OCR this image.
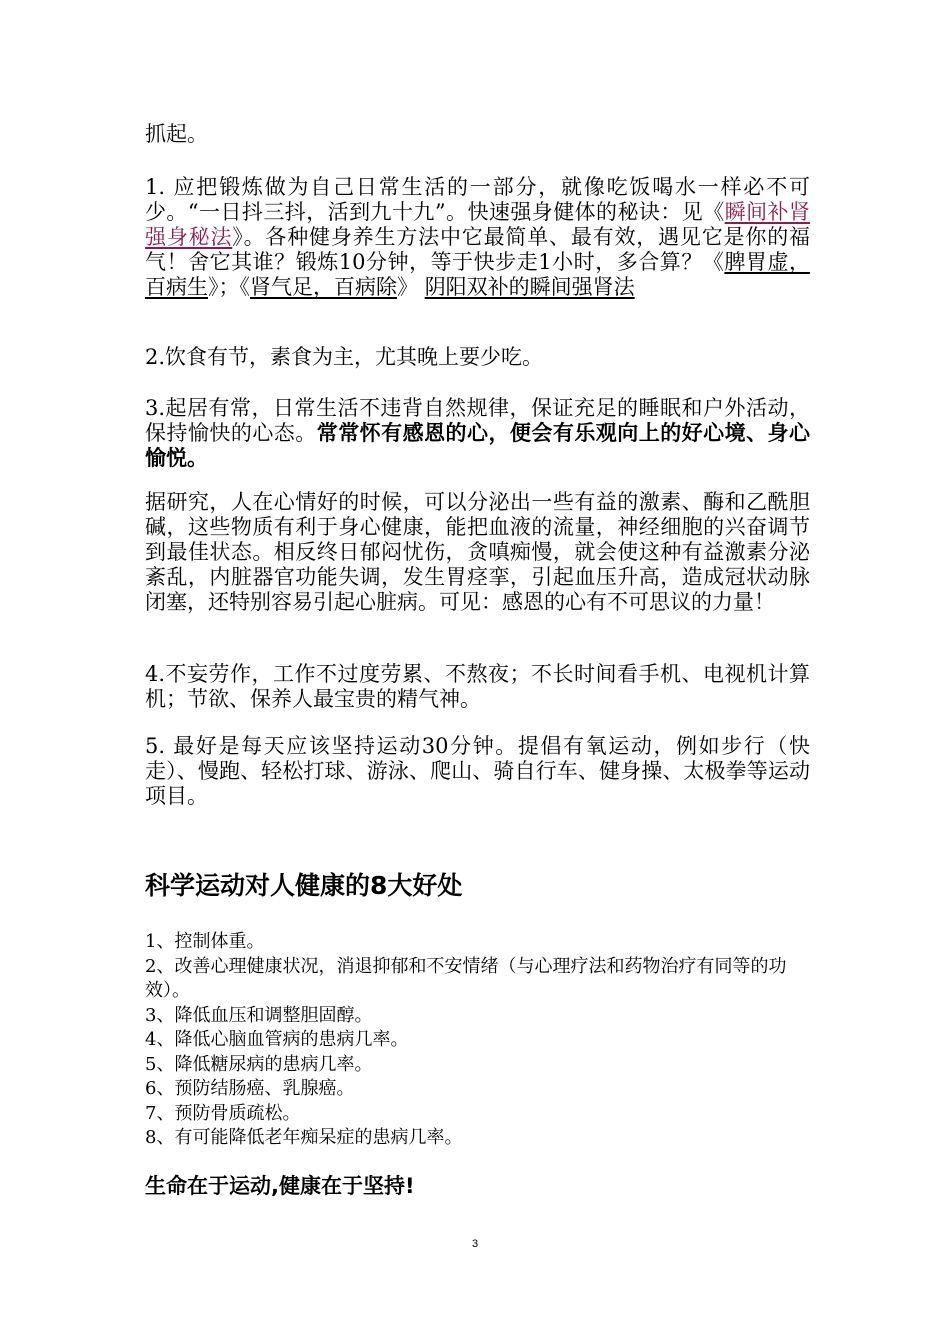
抓起。

1. 应把锻炼做为自己日常生活的一部分，就像吃饭喝水一样必不可少。“一日抖三抖，活到九十九”。快速强身健体的秘诀：见《瞬间补肾强身秘法》。各种健身养生方法中它最简单、最有效，遇见它是你的福气！舍它其谁？锻炼10分钟，等于快步走1小时，多合算？《脾胃虚，百病生》；《肾气足，百病除》 阴阳双补的瞬间强肾法

2.饮食有节，素食为主，尤其晚上要少吃。

3.起居有常，日常生活不违背自然规律，保证充足的睡眠和户外活动，保持愉快的心态。常常怀有感恩的心，便会有乐观向上的好心境、身心愉悦。

据研究，人在心情好的时候，可以分泌出一些有益的激素、酶和乙酰胆碱，这些物质有利于身心健康，能把血液的流量，神经细胞的兴奋调节到最佳状态。相反终日郁闷忧伤，贪嗔痴慢，就会使这种有益激素分泌紊乱，内脏器官功能失调，发生胃痉挛，引起血压升高，造成冠状动脉闭塞，还特别容易引起心脏病。可见：感恩的心有不可思议的力量！

4.不妄劳作，工作不过度劳累、不熬夜；不长时间看手机、电视机计算机；节欲、保养人最宝贵的精气神。

5. 最好是每天应该坚持运动30分钟。提倡有氧运动，例如步行（快走）、慢跑、轻松打球、游泳、爬山、骑自行车、健身操、太极拳等运动项目。

科学运动对人健康的8大好处
1、控制体重。
2、改善心理健康状况，消退抑郁和不安情绪（与心理疗法和药物治疗有同等的功效）。
3、降低血压和调整胆固醇。
4、降低心脑血管病的患病几率。
5、降低糖尿病的患病几率。
6、预防结肠癌、乳腺癌。
7、预防骨质疏松。
8、有可能降低老年痴呆症的患病几率。

生命在于运动,健康在于坚持!

3
